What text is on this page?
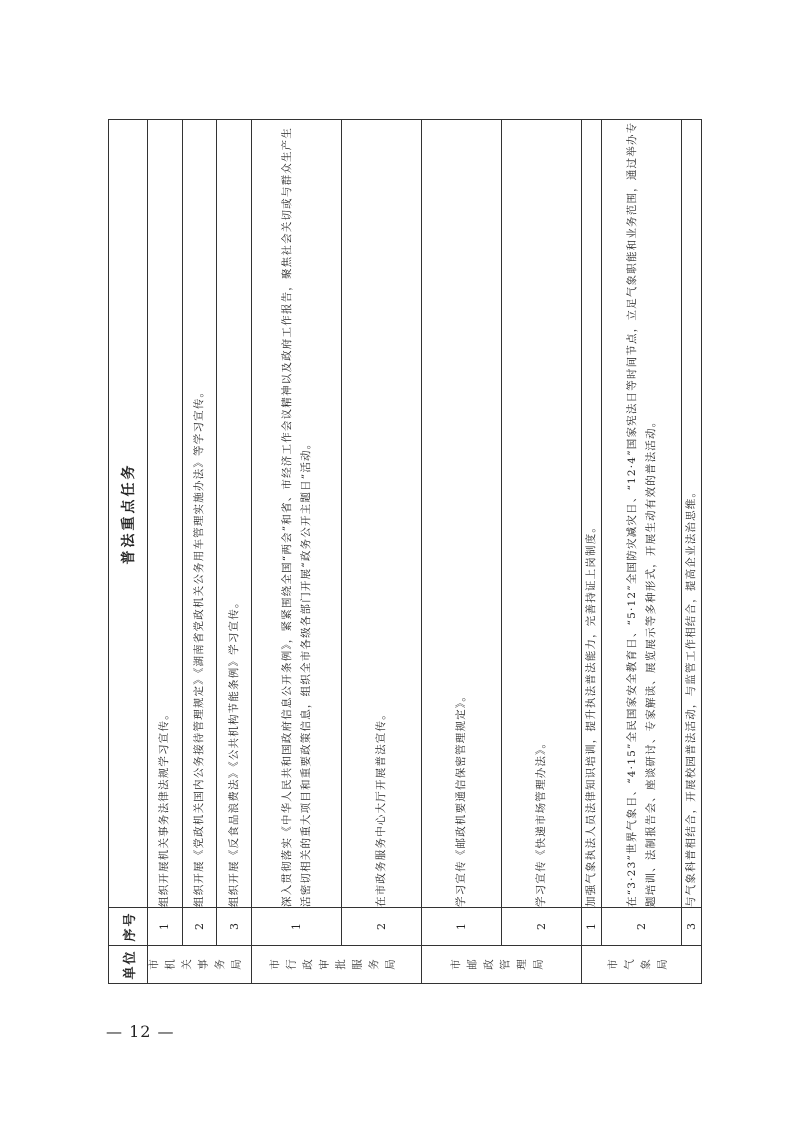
单位	序号	普法重点任务
市机关事务局	1	组织开展机关事务法律法规学习宣传。
	2	组织开展《党政机关国内公务接待管理规定》《湖南省党政机关公务用车管理实施办法》等学习宣传。
	3	组织开展《反食品浪费法》《公共机构节能条例》学习宣传。
市行政审批服务局	1	深入贯彻落实《中华人民共和国政府信息公开条例》，紧紧围绕全国“两会”和省、市经济工作会议精神以及政府工作报告，聚焦社会关切或与群众生产生活密切相关的重大项目和重要政策信息，组织全市各级各部门开展“政务公开主题日”活动。
	2	在市政务服务中心大厅开展普法宣传。
市邮政管理局	1	学习宣传《邮政机要通信保密管理规定》。
	2	学习宣传《快递市场管理办法》。
市气象局	1	加强气象执法人员法律知识培训，提升执法普法能力，完善持证上岗制度。
	2	在“3·23”世界气象日、“4·15”全民国家安全教育日、“5·12”全国防灾减灾日、“12·4”国家宪法日等时间节点，立足气象职能和业务范围，通过举办专题培训、法制报告会、座谈研讨、专家解读、展览展示等多种形式，开展生动有效的普法活动。
	3	与气象科普相结合，开展校园普法活动，与监管工作相结合，提高企业法治思维。
— 12 —
